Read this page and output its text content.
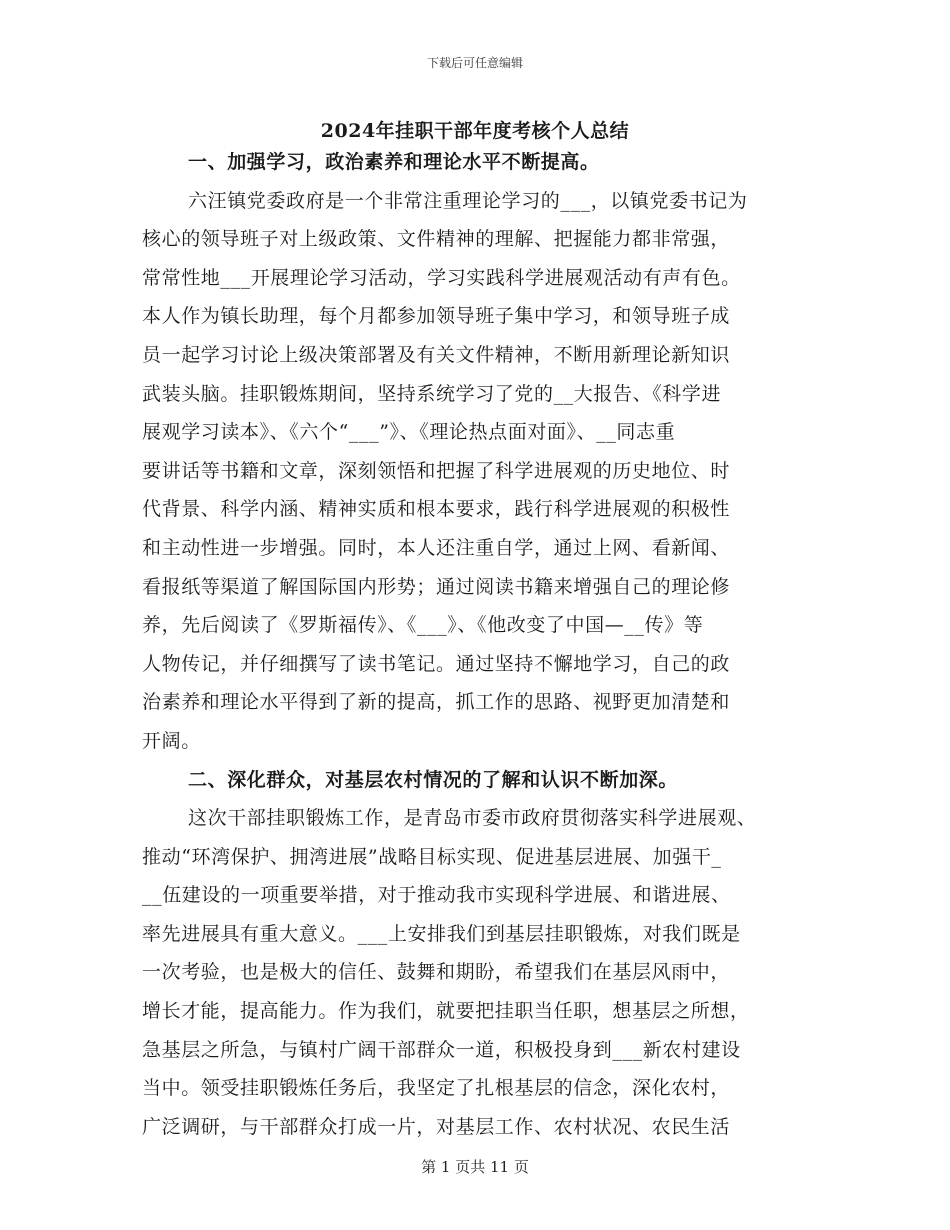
下载后可任意编辑
2024年挂职干部年度考核个人总结
一、加强学习，政治素养和理论水平不断提高。
六汪镇党委政府是一个非常注重理论学习的___，以镇党委书记为
核心的领导班子对上级政策、文件精神的理解、把握能力都非常强，
常常性地___开展理论学习活动，学习实践科学进展观活动有声有色。
本人作为镇长助理，每个月都参加领导班子集中学习，和领导班子成
员一起学习讨论上级决策部署及有关文件精神，不断用新理论新知识
武装头脑。挂职锻炼期间，坚持系统学习了党的__大报告、《科学进
展观学习读本》、《六个“___”》、《理论热点面对面》、__同志重
要讲话等书籍和文章，深刻领悟和把握了科学进展观的历史地位、时
代背景、科学内涵、精神实质和根本要求，践行科学进展观的积极性
和主动性进一步增强。同时，本人还注重自学，通过上网、看新闻、
看报纸等渠道了解国际国内形势；通过阅读书籍来增强自己的理论修
养，先后阅读了《罗斯福传》、《___》、《他改变了中国—__传》等
人物传记，并仔细撰写了读书笔记。通过坚持不懈地学习，自己的政
治素养和理论水平得到了新的提高，抓工作的思路、视野更加清楚和
开阔。
二、深化群众，对基层农村情况的了解和认识不断加深。
这次干部挂职锻炼工作，是青岛市委市政府贯彻落实科学进展观、
推动“环湾保护、拥湾进展”战略目标实现、促进基层进展、加强干_
__伍建设的一项重要举措，对于推动我市实现科学进展、和谐进展、
率先进展具有重大意义。___上安排我们到基层挂职锻炼，对我们既是
一次考验，也是极大的信任、鼓舞和期盼，希望我们在基层风雨中，
增长才能，提高能力。作为我们，就要把挂职当任职，想基层之所想，
急基层之所急，与镇村广阔干部群众一道，积极投身到___新农村建设
当中。领受挂职锻炼任务后，我坚定了扎根基层的信念，深化农村，
广泛调研，与干部群众打成一片，对基层工作、农村状况、农民生活
第 1 页共 11 页
